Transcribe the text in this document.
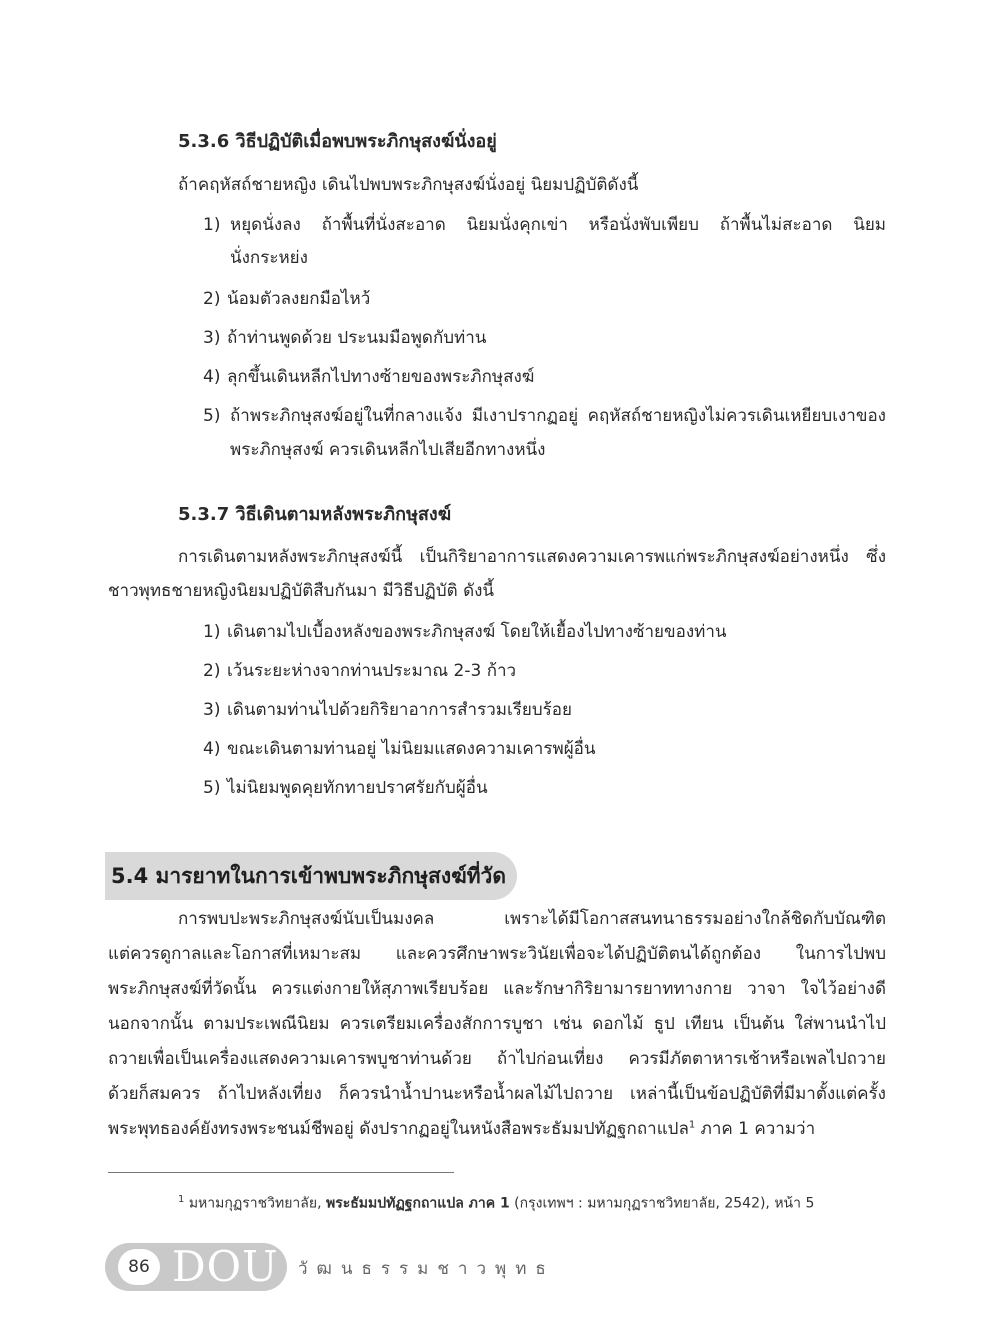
5.3.6 วิธีปฏิบัติเมื่อพบพระภิกษุสงฆ์นั่งอยู่
ถ้าคฤหัสถ์ชายหญิง เดินไปพบพระภิกษุสงฆ์นั่งอยู่ นิยมปฏิบัติดังนี้
1) หยุดนั่งลง ถ้าพื้นที่นั่งสะอาด นิยมนั่งคุกเข่า หรือนั่งพับเพียบ ถ้าพื้นไม่สะอาด นิยม
นั่งกระหย่ง
2) น้อมตัวลงยกมือไหว้
3) ถ้าท่านพูดด้วย ประนมมือพูดกับท่าน
4) ลุกขึ้นเดินหลีกไปทางซ้ายของพระภิกษุสงฆ์
5) ถ้าพระภิกษุสงฆ์อยู่ในที่กลางแจ้ง มีเงาปรากฏอยู่ คฤหัสถ์ชายหญิงไม่ควรเดินเหยียบเงาของ
พระภิกษุสงฆ์ ควรเดินหลีกไปเสียอีกทางหนึ่ง
5.3.7 วิธีเดินตามหลังพระภิกษุสงฆ์
การเดินตามหลังพระภิกษุสงฆ์นี้ เป็นกิริยาอาการแสดงความเคารพแก่พระภิกษุสงฆ์อย่างหนึ่ง ซึ่ง
ชาวพุทธชายหญิงนิยมปฏิบัติสืบกันมา มีวิธีปฏิบัติ ดังนี้
1) เดินตามไปเบื้องหลังของพระภิกษุสงฆ์ โดยให้เยื้องไปทางซ้ายของท่าน
2) เว้นระยะห่างจากท่านประมาณ 2-3 ก้าว
3) เดินตามท่านไปด้วยกิริยาอาการสำรวมเรียบร้อย
4) ขณะเดินตามท่านอยู่ ไม่นิยมแสดงความเคารพผู้อื่น
5) ไม่นิยมพูดคุยทักทายปราศรัยกับผู้อื่น
5.4 มารยาทในการเข้าพบพระภิกษุสงฆ์ที่วัด
การพบปะพระภิกษุสงฆ์นับเป็นมงคล เพราะได้มีโอกาสสนทนาธรรมอย่างใกล้ชิดกับบัณฑิต
แต่ควรดูกาลและโอกาสที่เหมาะสม และควรศึกษาพระวินัยเพื่อจะได้ปฏิบัติตนได้ถูกต้อง ในการไปพบ
พระภิกษุสงฆ์ที่วัดนั้น ควรแต่งกายให้สุภาพเรียบร้อย และรักษากิริยามารยาททางกาย วาจา ใจไว้อย่างดี
นอกจากนั้น ตามประเพณีนิยม ควรเตรียมเครื่องสักการบูชา เช่น ดอกไม้ ธูป เทียน เป็นต้น ใส่พานนำไป
ถวายเพื่อเป็นเครื่องแสดงความเคารพบูชาท่านด้วย ถ้าไปก่อนเที่ยง ควรมีภัตตาหารเช้าหรือเพลไปถวาย
ด้วยก็สมควร ถ้าไปหลังเที่ยง ก็ควรนำน้ำปานะหรือน้ำผลไม้ไปถวาย เหล่านี้เป็นข้อปฏิบัติที่มีมาตั้งแต่ครั้ง
พระพุทธองค์ยังทรงพระชนม์ชีพอยู่ ดังปรากฏอยู่ในหนังสือพระธัมมปทัฏฐกถาแปล$^1$ ภาค 1 ความว่า
$^1$ มหามกุฏราชวิทยาลัย, พระธัมมปทัฏฐกถาแปล ภาค 1 (กรุงเทพฯ : มหามกุฏราชวิทยาลัย, 2542), หน้า 5
86 DOU วัฒนธรรมชาวพุทธ
